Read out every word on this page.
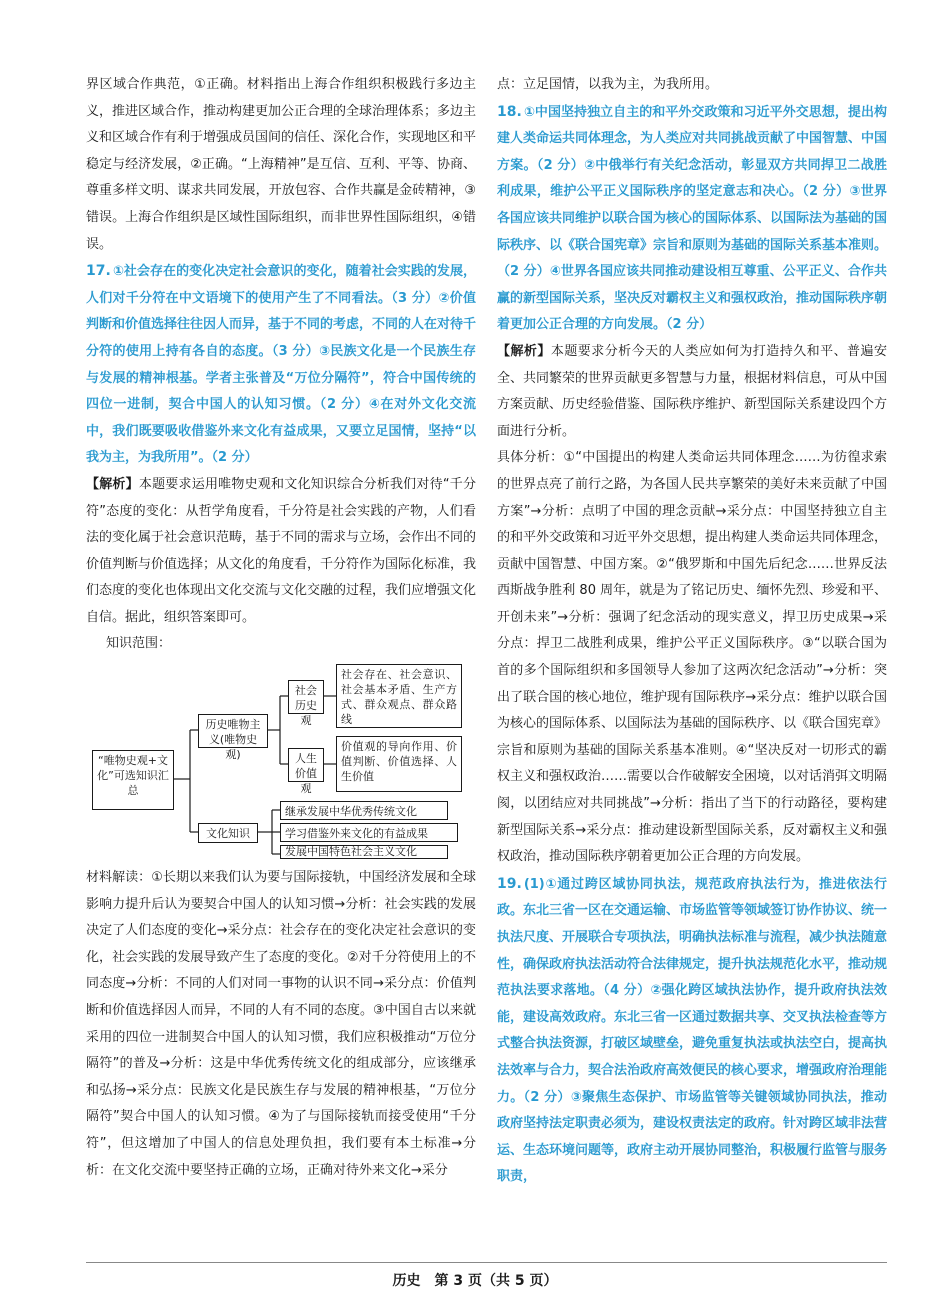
界区域合作典范，①正确。材料指出上海合作组织积极践行多边主义，推进区域合作，推动构建更加公正合理的全球治理体系；多边主义和区域合作有利于增强成员国间的信任、深化合作，实现地区和平稳定与经济发展，②正确。“上海精神”是互信、互利、平等、协商、尊重多样文明、谋求共同发展，开放包容、合作共赢是金砖精神，③错误。上海合作组织是区域性国际组织，而非世界性国际组织，④错误。

17. ①社会存在的变化决定社会意识的变化，随着社会实践的发展，人们对千分符在中文语境下的使用产生了不同看法。（3 分）②价值判断和价值选择往往因人而异，基于不同的考虑，不同的人在对待千分符的使用上持有各自的态度。（3 分）③民族文化是一个民族生存与发展的精神根基。学者主张普及“万位分隔符”，符合中国传统的四位一进制，契合中国人的认知习惯。（2 分）④在对外文化交流中，我们既要吸收借鉴外来文化有益成果，又要立足国情，坚持“以我为主，为我所用”。（2 分）

【解析】本题要求运用唯物史观和文化知识综合分析我们对待“千分符”态度的变化：从哲学角度看，千分符是社会实践的产物，人们看法的变化属于社会意识范畴，基于不同的需求与立场，会作出不同的价值判断与价值选择；从文化的角度看，千分符作为国际化标准，我们态度的变化也体现出文化交流与文化交融的过程，我们应增强文化自信。据此，组织答案即可。

知识范围：

“唯物史观+文化”可选知识汇总
历史唯物主义(唯物史观)
社会历史观
社会存在、社会意识、社会基本矛盾、生产方式、群众观点、群众路线
人生价值观
价值观的导向作用、价值判断、价值选择、人生价值
文化知识
继承发展中华优秀传统文化
学习借鉴外来文化的有益成果
发展中国特色社会主义文化

材料解读：①长期以来我们认为要与国际接轨，中国经济发展和全球影响力提升后认为要契合中国人的认知习惯→分析：社会实践的发展决定了人们态度的变化→采分点：社会存在的变化决定社会意识的变化，社会实践的发展导致产生了态度的变化。②对千分符使用上的不同态度→分析：不同的人们对同一事物的认识不同→采分点：价值判断和价值选择因人而异，不同的人有不同的态度。③中国自古以来就采用的四位一进制契合中国人的认知习惯，我们应积极推动“万位分隔符”的普及→分析：这是中华优秀传统文化的组成部分，应该继承和弘扬→采分点：民族文化是民族生存与发展的精神根基，“万位分隔符”契合中国人的认知习惯。④为了与国际接轨而接受使用“千分符”，但这增加了中国人的信息处理负担，我们要有本土标准→分析：在文化交流中要坚持正确的立场，正确对待外来文化→采分

点：立足国情，以我为主，为我所用。

18. ①中国坚持独立自主的和平外交政策和习近平外交思想，提出构建人类命运共同体理念，为人类应对共同挑战贡献了中国智慧、中国方案。（2 分）②中俄举行有关纪念活动，彰显双方共同捍卫二战胜利成果，维护公平正义国际秩序的坚定意志和决心。（2 分）③世界各国应该共同维护以联合国为核心的国际体系、以国际法为基础的国际秩序、以《联合国宪章》宗旨和原则为基础的国际关系基本准则。（2 分）④世界各国应该共同推动建设相互尊重、公平正义、合作共赢的新型国际关系，坚决反对霸权主义和强权政治，推动国际秩序朝着更加公正合理的方向发展。（2 分）

【解析】本题要求分析今天的人类应如何为打造持久和平、普遍安全、共同繁荣的世界贡献更多智慧与力量，根据材料信息，可从中国方案贡献、历史经验借鉴、国际秩序维护、新型国际关系建设四个方面进行分析。

具体分析：①“中国提出的构建人类命运共同体理念……为彷徨求索的世界点亮了前行之路，为各国人民共享繁荣的美好未来贡献了中国方案”→分析：点明了中国的理念贡献→采分点：中国坚持独立自主的和平外交政策和习近平外交思想，提出构建人类命运共同体理念，贡献中国智慧、中国方案。②“俄罗斯和中国先后纪念……世界反法西斯战争胜利 80 周年，就是为了铭记历史、缅怀先烈、珍爱和平、开创未来”→分析：强调了纪念活动的现实意义，捍卫历史成果→采分点：捍卫二战胜利成果，维护公平正义国际秩序。③“以联合国为首的多个国际组织和多国领导人参加了这两次纪念活动”→分析：突出了联合国的核心地位，维护现有国际秩序→采分点：维护以联合国为核心的国际体系、以国际法为基础的国际秩序、以《联合国宪章》宗旨和原则为基础的国际关系基本准则。④“坚决反对一切形式的霸权主义和强权政治……需要以合作破解安全困境，以对话消弭文明隔阂，以团结应对共同挑战”→分析：指出了当下的行动路径，要构建新型国际关系→采分点：推动建设新型国际关系，反对霸权主义和强权政治，推动国际秩序朝着更加公正合理的方向发展。

19. (1)①通过跨区域协同执法，规范政府执法行为，推进依法行政。东北三省一区在交通运输、市场监管等领域签订协作协议、统一执法尺度、开展联合专项执法，明确执法标准与流程，减少执法随意性，确保政府执法活动符合法律规定，提升执法规范化水平，推动规范执法要求落地。（4 分）②强化跨区域执法协作，提升政府执法效能，建设高效政府。东北三省一区通过数据共享、交叉执法检查等方式整合执法资源，打破区域壁垒，避免重复执法或执法空白，提高执法效率与合力，契合法治政府高效便民的核心要求，增强政府治理能力。（2 分）③聚焦生态保护、市场监管等关键领域协同执法，推动政府坚持法定职责必须为，建设权责法定的政府。针对跨区域非法营运、生态环境问题等，政府主动开展协同整治，积极履行监管与服务职责，

历史　第 3 页（共 5 页）
